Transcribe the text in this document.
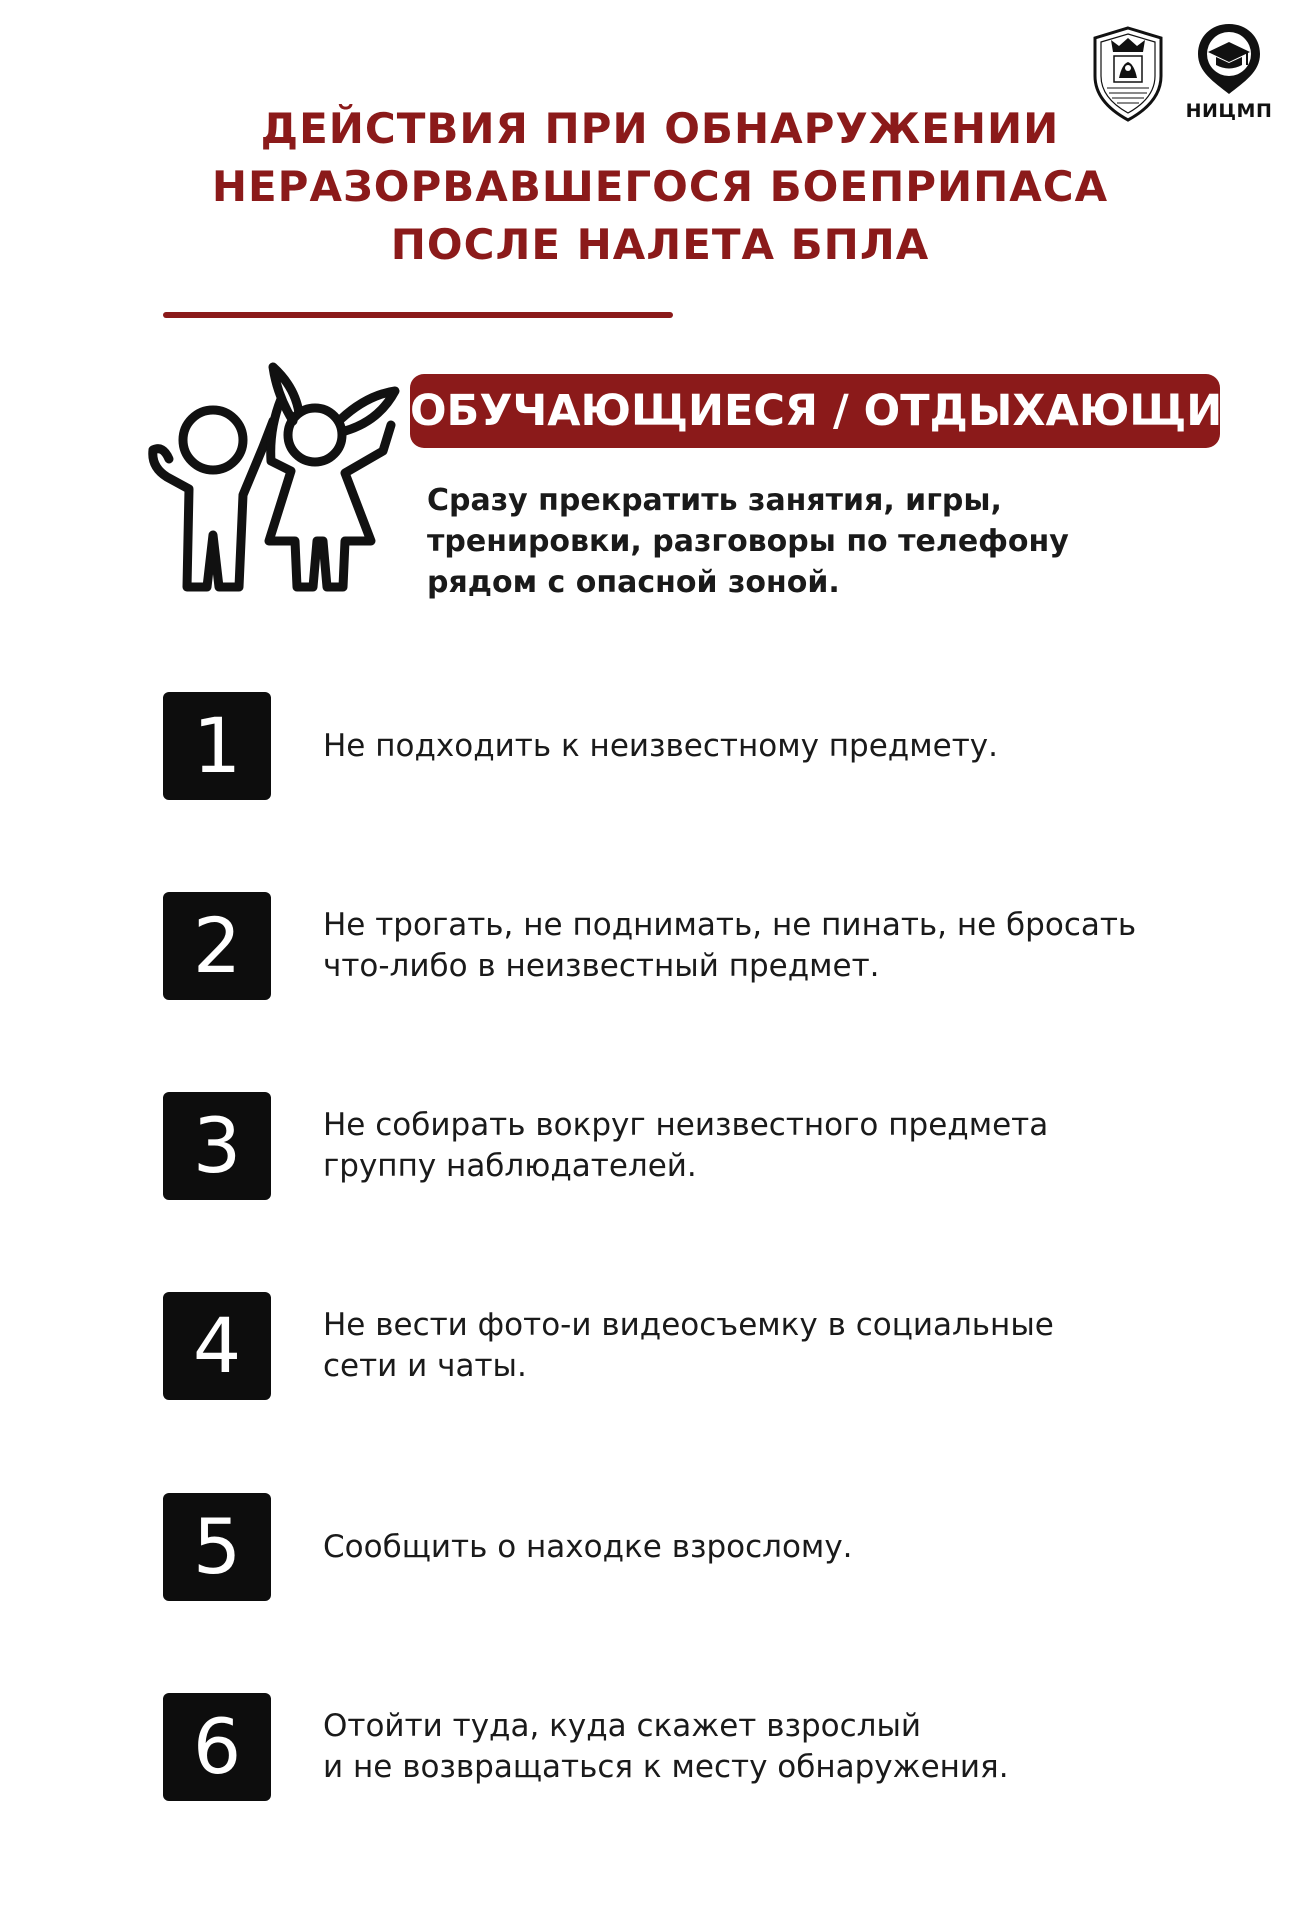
НИЦМП
ДЕЙСТВИЯ ПРИ ОБНАРУЖЕНИИ
НЕРАЗОРВАВШЕГОСЯ БОЕПРИПАСА
ПОСЛЕ НАЛЕТА БПЛА
ОБУЧАЮЩИЕСЯ / ОТДЫХАЮЩИЕ
Сразу прекратить занятия, игры,
тренировки, разговоры по телефону
рядом с опасной зоной.
1	Не подходить к неизвестному предмету.
2	Не трогать, не поднимать, не пинать, не бросать
что-либо в неизвестный предмет.
3	Не собирать вокруг неизвестного предмета
группу наблюдателей.
4	Не вести фото-и видеосъемку в социальные
сети и чаты.
5	Сообщить о находке взрослому.
6	Отойти туда, куда скажет взрослый
и не возвращаться к месту обнаружения.
